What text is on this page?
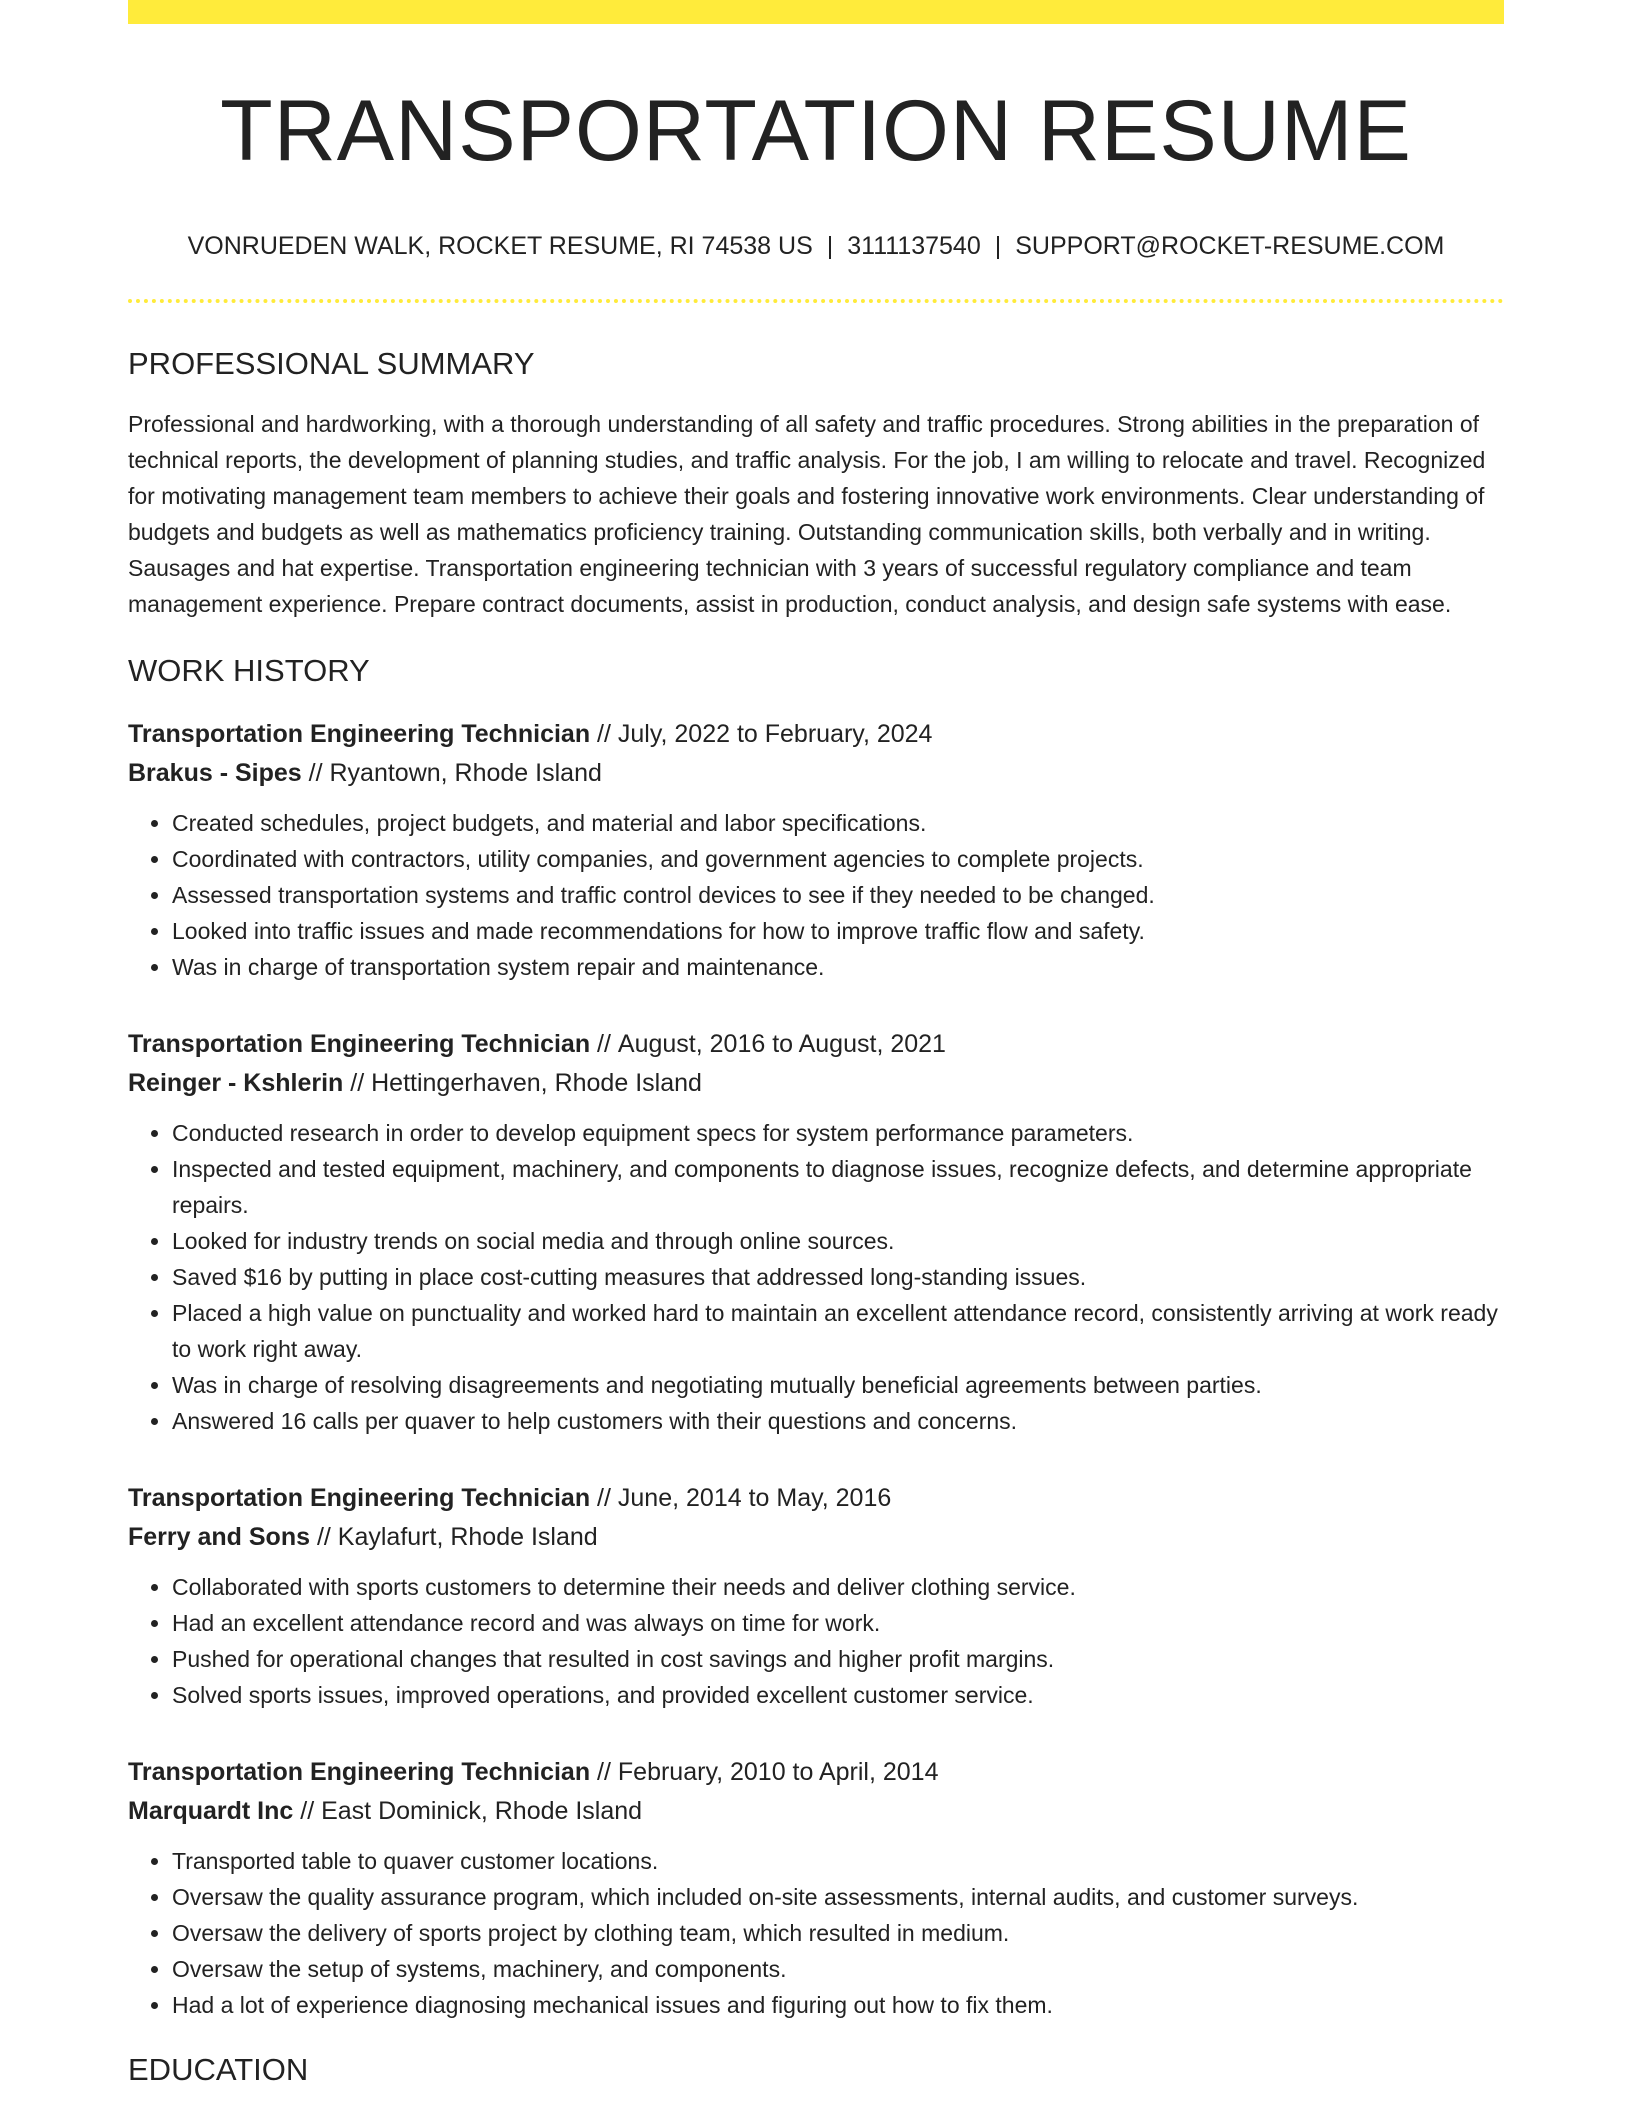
TRANSPORTATION RESUME
VONRUEDEN WALK, ROCKET RESUME, RI 74538 US | 3111137540 | SUPPORT@ROCKET-RESUME.COM
PROFESSIONAL SUMMARY

Professional and hardworking, with a thorough understanding of all safety and traffic procedures. Strong abilities in the preparation of technical reports, the development of planning studies, and traffic analysis. For the job, I am willing to relocate and travel. Recognized for motivating management team members to achieve their goals and fostering innovative work environments. Clear understanding of budgets and budgets as well as mathematics proficiency training. Outstanding communication skills, both verbally and in writing. Sausages and hat expertise. Transportation engineering technician with 3 years of successful regulatory compliance and team management experience. Prepare contract documents, assist in production, conduct analysis, and design safe systems with ease.

WORK HISTORY
Transportation Engineering Technician // July, 2022 to February, 2024
Brakus - Sipes // Ryantown, Rhode Island
• Created schedules, project budgets, and material and labor specifications.
• Coordinated with contractors, utility companies, and government agencies to complete projects.
• Assessed transportation systems and traffic control devices to see if they needed to be changed.
• Looked into traffic issues and made recommendations for how to improve traffic flow and safety.
• Was in charge of transportation system repair and maintenance.
Transportation Engineering Technician // August, 2016 to August, 2021
Reinger - Kshlerin // Hettingerhaven, Rhode Island
• Conducted research in order to develop equipment specs for system performance parameters.
• Inspected and tested equipment, machinery, and components to diagnose issues, recognize defects, and determine appropriate repairs.
• Looked for industry trends on social media and through online sources.
• Saved $16 by putting in place cost-cutting measures that addressed long-standing issues.
• Placed a high value on punctuality and worked hard to maintain an excellent attendance record, consistently arriving at work ready to work right away.
• Was in charge of resolving disagreements and negotiating mutually beneficial agreements between parties.
• Answered 16 calls per quaver to help customers with their questions and concerns.
Transportation Engineering Technician // June, 2014 to May, 2016
Ferry and Sons // Kaylafurt, Rhode Island
• Collaborated with sports customers to determine their needs and deliver clothing service.
• Had an excellent attendance record and was always on time for work.
• Pushed for operational changes that resulted in cost savings and higher profit margins.
• Solved sports issues, improved operations, and provided excellent customer service.
Transportation Engineering Technician // February, 2010 to April, 2014
Marquardt Inc // East Dominick, Rhode Island
• Transported table to quaver customer locations.
• Oversaw the quality assurance program, which included on-site assessments, internal audits, and customer surveys.
• Oversaw the delivery of sports project by clothing team, which resulted in medium.
• Oversaw the setup of systems, machinery, and components.
• Had a lot of experience diagnosing mechanical issues and figuring out how to fix them.
EDUCATION
